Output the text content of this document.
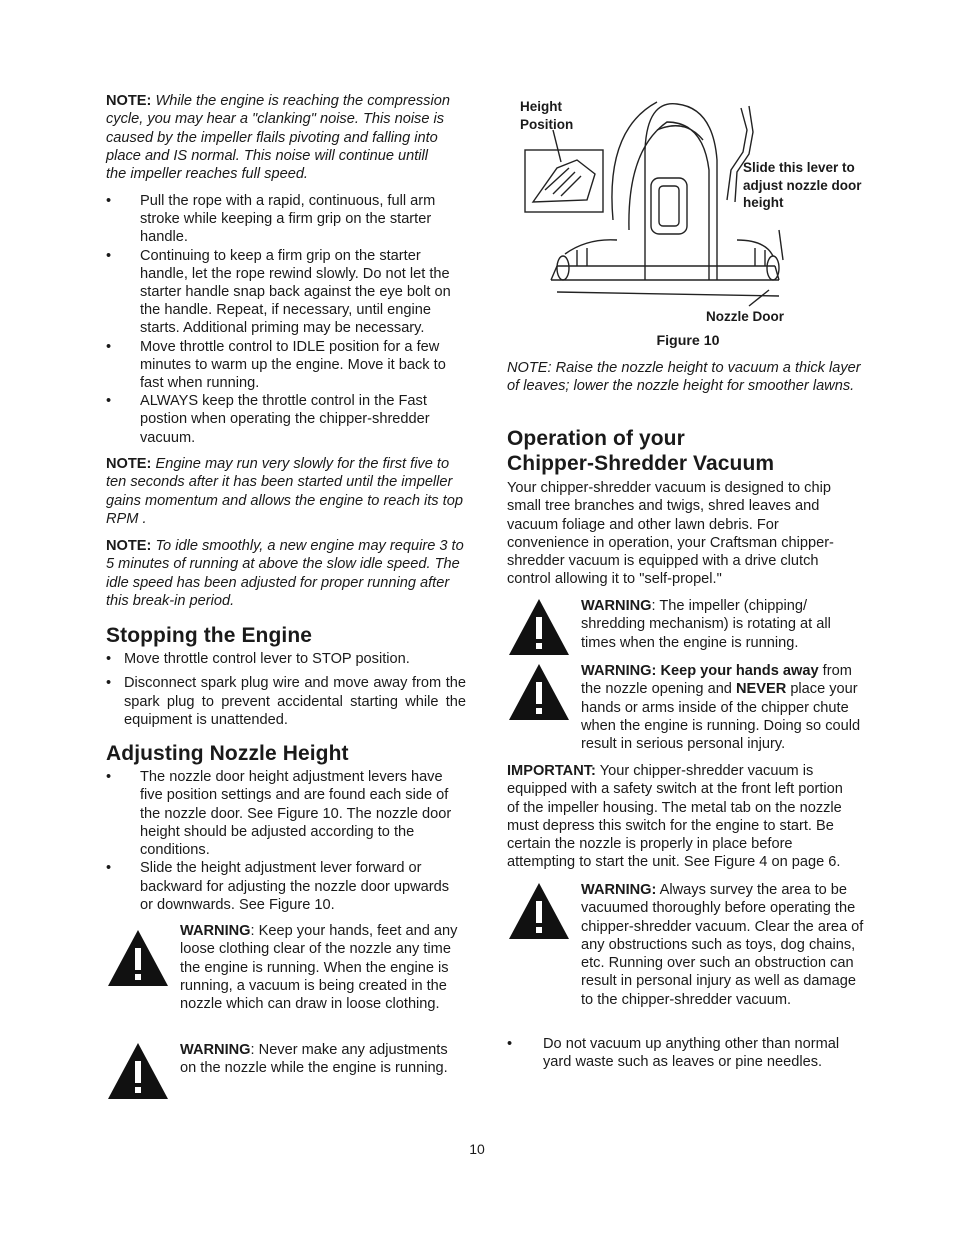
NOTE: While the engine is reaching the compression cycle, you may hear a "clanking" noise. This noise is caused by the impeller flails pivoting and falling into place and IS normal. This noise will continue untill the impeller reaches full speed.

•	Pull the rope with a rapid, continuous, full arm stroke while keeping a firm grip on the starter handle.
•	Continuing to keep a firm grip on the starter handle, let the rope rewind slowly. Do not let the starter handle snap back against the eye bolt on the handle. Repeat, if necessary, until engine starts. Additional priming may be necessary.
•	Move throttle control to IDLE position for a few minutes to warm up the engine. Move it back to fast when running.
•	ALWAYS keep the throttle control in the Fast postion when operating the chipper-shredder vacuum.

NOTE: Engine may run very slowly for the first five to ten seconds after it has been started until the impeller gains momentum and allows the engine to reach its top RPM .

NOTE: To idle smoothly, a new engine may require 3 to 5 minutes of running at above the slow idle speed. The idle speed has been adjusted for proper running after this break-in period.

Stopping the Engine
• Move throttle control lever to STOP position.
• Disconnect spark plug wire and move away from the spark plug to prevent accidental starting while the equipment is unattended.
Adjusting Nozzle Height
•	The nozzle door height adjustment levers have five position settings and are found each side of the nozzle door. See Figure 10. The nozzle door height should be adjusted according to the conditions.
•	Slide the height adjustment lever forward or backward for adjusting the nozzle door upwards or downwards. See Figure 10.
WARNING: Keep your hands, feet and any loose clothing clear of the nozzle any time the engine is running. When the engine is running, a vacuum is being created in the nozzle which can draw in loose clothing.
WARNING: Never make any adjustments on the nozzle while the engine is running.
Height Position
Slide this lever to adjust nozzle door height
Nozzle Door
Figure 10
NOTE: Raise the nozzle height to vacuum a thick layer of leaves; lower the nozzle height for smoother lawns.
Operation of your
Chipper-Shredder Vacuum
Your chipper-shredder vacuum is designed to chip small tree branches and twigs, shred leaves and vacuum foliage and other lawn debris. For convenience in operation, your Craftsman chipper-shredder vacuum is equipped with a drive clutch control allowing it to "self-propel."
WARNING: The impeller (chipping/ shredding mechanism) is rotating at all times when the engine is running.
WARNING: Keep your hands away from the nozzle opening and NEVER place your hands or arms inside of the chipper chute when the engine is running. Doing so could result in serious personal injury.
IMPORTANT: Your chipper-shredder vacuum is equipped with a safety switch at the front left portion of the impeller housing. The metal tab on the nozzle must depress this switch for the engine to start. Be certain the nozzle is properly in place before attempting to start the unit. See Figure 4 on page 6.
WARNING: Always survey the area to be vacuumed thoroughly before operating the chipper-shredder vacuum. Clear the area of any obstructions such as toys, dog chains, etc. Running over such an obstruction can result in personal injury as well as damage to the chipper-shredder vacuum.
•	Do not vacuum up anything other than normal yard waste such as leaves or pine needles.
10
